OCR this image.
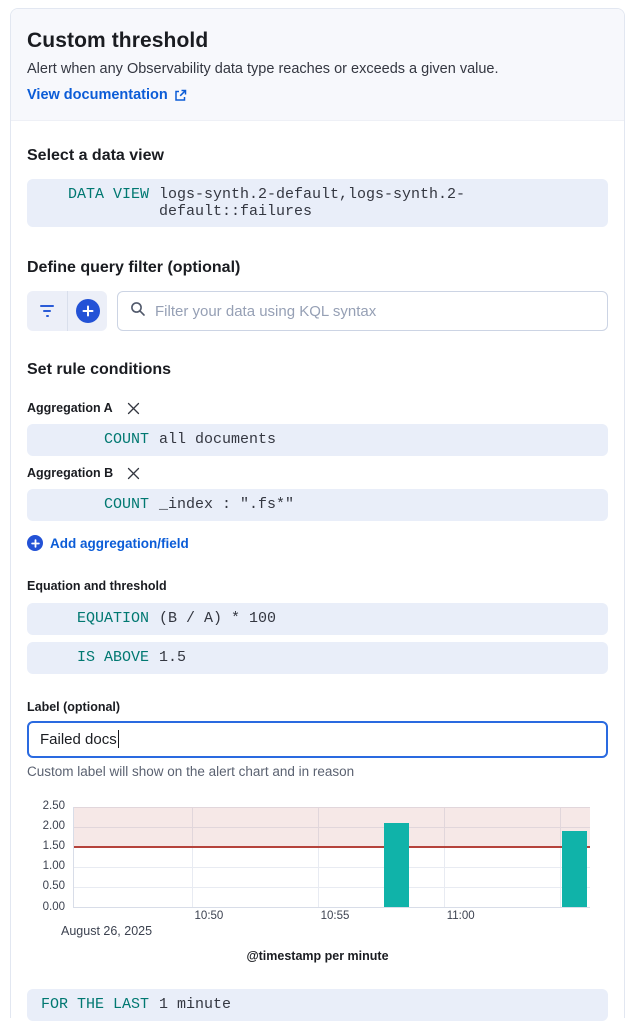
Custom threshold
Alert when any Observability data type reaches or exceeds a given value.
View documentation
Select a data view
DATA VIEW logs-synth.2-default,logs-synth.2-default::failures
Define query filter (optional)
Filter your data using KQL syntax
Set rule conditions
Aggregation A
COUNT all documents
Aggregation B
COUNT _index : ".fs*"
Add aggregation/field
Equation and threshold
EQUATION (B / A) * 100
IS ABOVE 1.5
Label (optional)
Failed docs
Custom label will show on the alert chart and in reason
0.00
0.50
1.00
1.50
2.00
2.50
10:50	10:55	11:00
August 26, 2025
@timestamp per minute
FOR THE LAST 1 minute
